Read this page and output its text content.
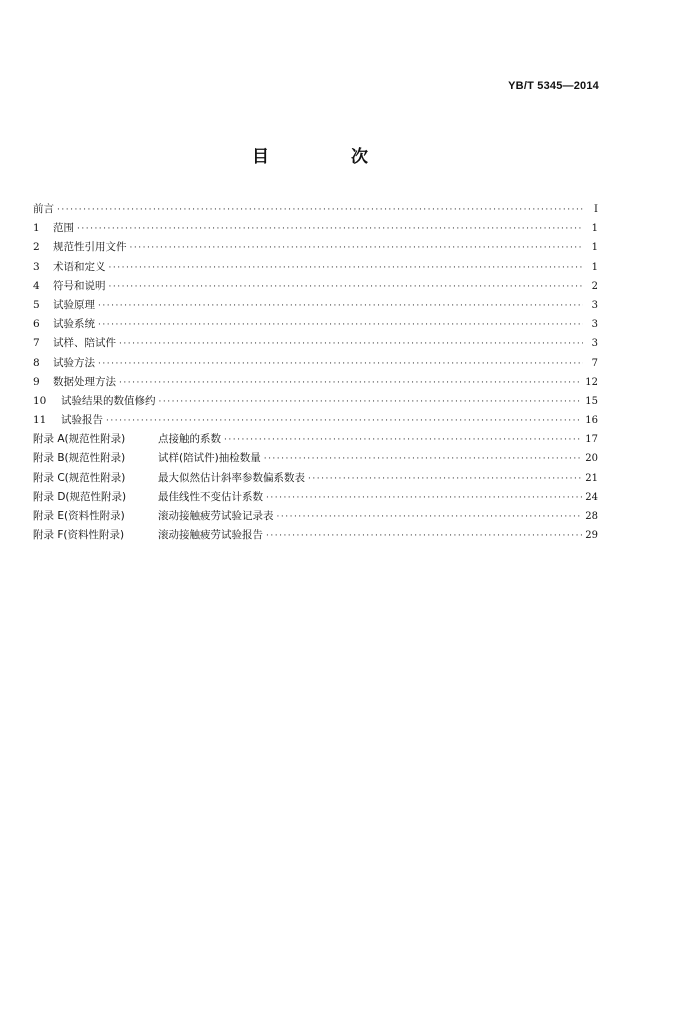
YB/T 5345—2014
目 次
前言 ·····	I
1	范围 ·····	1
2	规范性引用文件 ·····	1
3	术语和定义 ·····	1
4	符号和说明 ·····	2
5	试验原理 ·····	3
6	试验系统 ·····	3
7	试样、陪试件 ·····	3
8	试验方法 ·····	7
9	数据处理方法 ·····	12
10	试验结果的数值修约 ·····	15
11	试验报告 ·····	16
附录 A(规范性附录)	点接触的系数 ·····	17
附录 B(规范性附录)	试样(陪试件)抽检数量 ·····	20
附录 C(规范性附录)	最大似然估计斜率参数偏系数表 ·····	21
附录 D(规范性附录)	最佳线性不变估计系数 ·····	24
附录 E(资料性附录)	滚动接触疲劳试验记录表 ·····	28
附录 F(资料性附录)	滚动接触疲劳试验报告 ·····	29
